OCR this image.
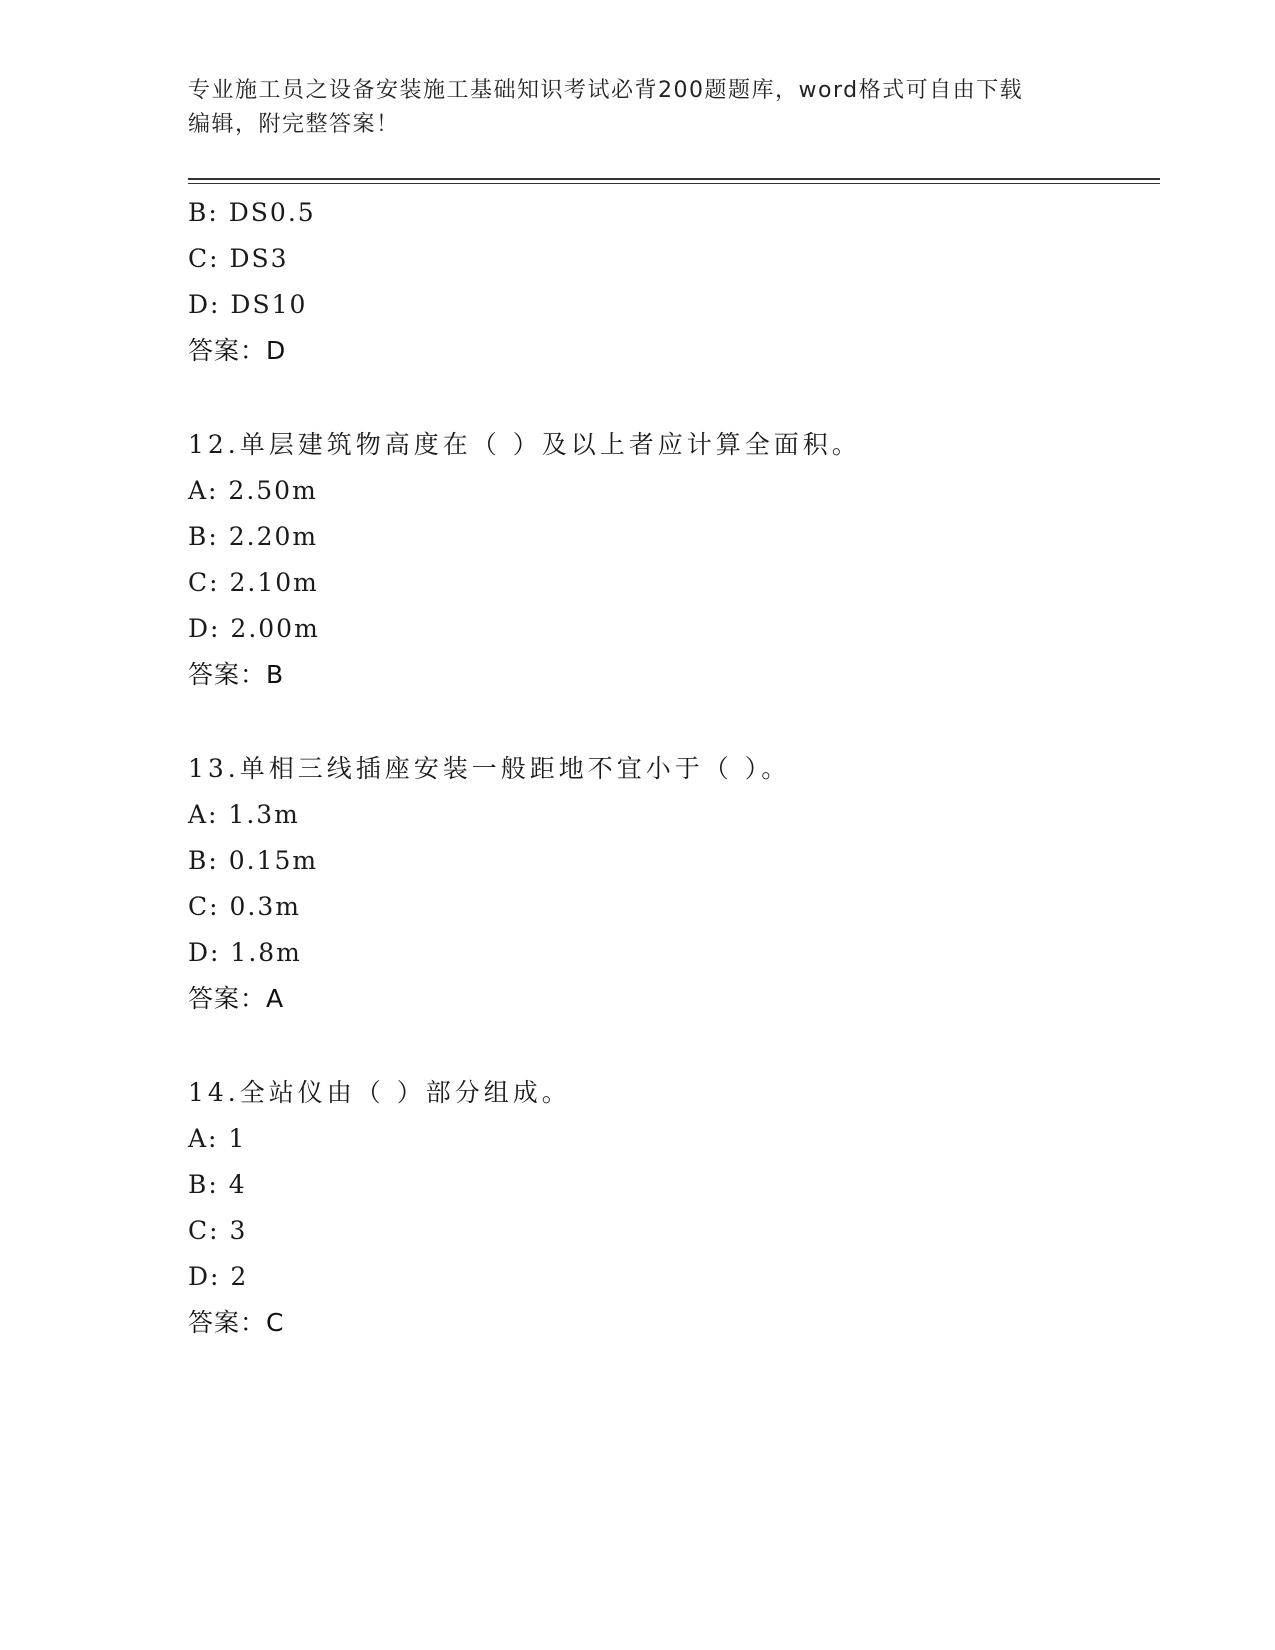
专业施工员之设备安装施工基础知识考试必背200题题库，word格式可自由下载
编辑，附完整答案！
B: DS0.5
C: DS3
D: DS10
答案：D
12.单层建筑物高度在（ ）及以上者应计算全面积。
A: 2.50m
B: 2.20m
C: 2.10m
D: 2.00m
答案：B
13.单相三线插座安装一般距地不宜小于（ ）。
A: 1.3m
B: 0.15m
C: 0.3m
D: 1.8m
答案：A
14.全站仪由（ ）部分组成。
A: 1
B: 4
C: 3
D: 2
答案：C
